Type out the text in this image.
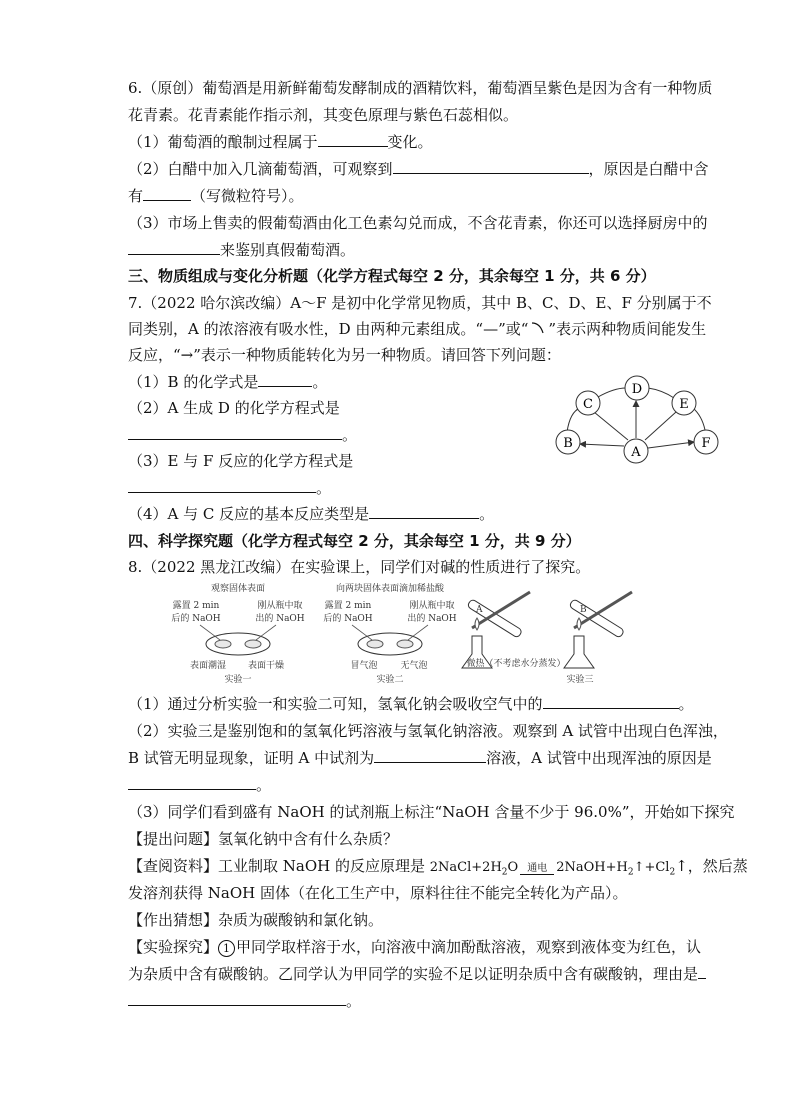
6.（原创）葡萄酒是用新鲜葡萄发酵制成的酒精饮料，葡萄酒呈紫色是因为含有一种物质
花青素。花青素能作指示剂，其变色原理与紫色石蕊相似。
（1）葡萄酒的酿制过程属于	变化。
（2）白醋中加入几滴葡萄酒，可观察到	，原因是白醋中含
有	（写微粒符号）。
（3）市场上售卖的假葡萄酒由化工色素勾兑而成，不含花青素，你还可以选择厨房中的
来鉴别真假葡萄酒。
三、物质组成与变化分析题（化学方程式每空 2 分，其余每空 1 分，共 6 分）
7.（2022 哈尔滨改编）A～F 是初中化学常见物质，其中 B、C、D、E、F 分别属于不
同类别，A 的浓溶液有吸水性，D 由两种元素组成。“—”或“ ”表示两种物质间能发生
反应，“→”表示一种物质能转化为另一种物质。请回答下列问题：
（1）B 的化学式是	。
（2）A 生成 D 的化学方程式是
。
（3）E 与 F 反应的化学方程式是
。
（4）A 与 C 反应的基本反应类型是	。
A
B
C
D
E
F
四、科学探究题（化学方程式每空 2 分，其余每空 1 分，共 9 分）
8.（2022 黑龙江改编）在实验课上，同学们对碱的性质进行了探究。
观察固体表面
露置 2 min
后的 NaOH
刚从瓶中取
出的 NaOH
表面潮湿 表面干燥
实验一
向两块固体表面滴加稀盐酸
露置 2 min
后的 NaOH
刚从瓶中取
出的 NaOH
冒气泡	无气泡
实验二
A	B
微热（不考虑水分蒸发）
实验三
（1）通过分析实验一和实验二可知，氢氧化钠会吸收空气中的	。
（2）实验三是鉴别饱和的氢氧化钙溶液与氢氧化钠溶液。观察到 A 试管中出现白色浑浊，
B 试管无明显现象，证明 A 中试剂为	溶液，A 试管中出现浑浊的原因是
。
（3）同学们看到盛有 NaOH 的试剂瓶上标注“NaOH 含量不少于 96.0%”，开始如下探究
【提出问题】氢氧化钠中含有什么杂质？
【查阅资料】工业制取 NaOH 的反应原理是 $2NaCl+2H_2O$ 通电 $2NaOH+H_2↑+Cl_2↑$，然后蒸
发溶剂获得 NaOH 固体（在化工生产中，原料往往不能完全转化为产品）。
【作出猜想】杂质为碳酸钠和氯化钠。
【实验探究】 1 甲同学取样溶于水，向溶液中滴加酚酞溶液，观察到液体变为红色，认
为杂质中含有碳酸钠。乙同学认为甲同学的实验不足以证明杂质中含有碳酸钠，理由是
。
